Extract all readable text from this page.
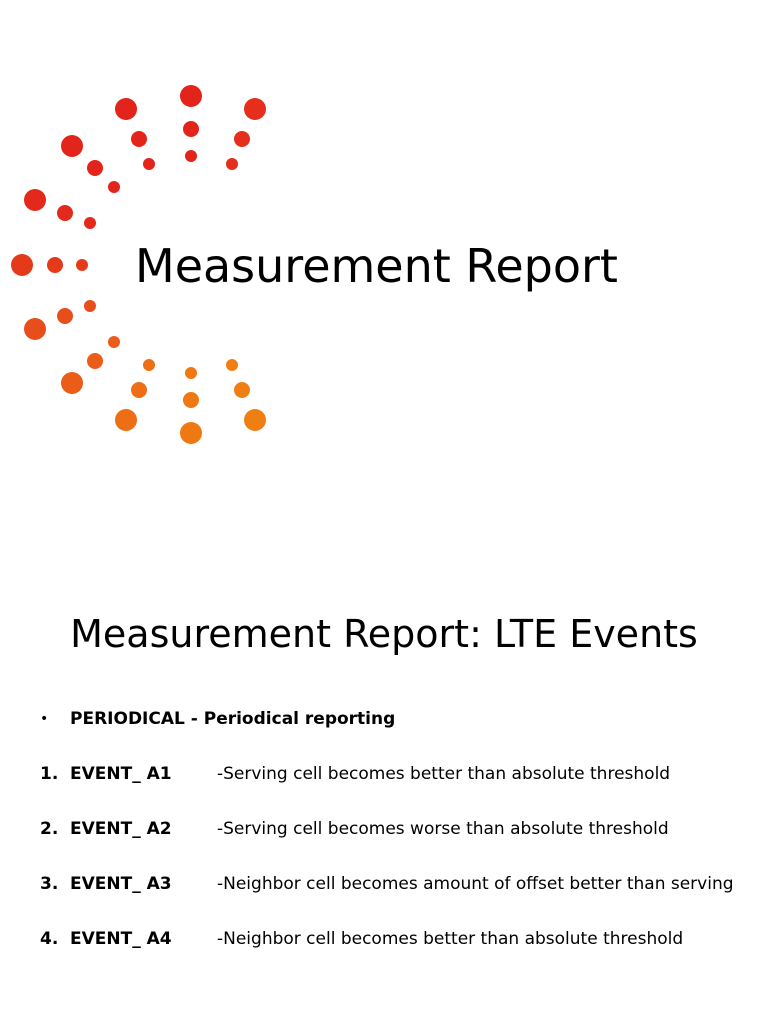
Measurement Report
Measurement Report: LTE Events
• PERIODICAL - Periodical reporting
1. EVENT_ A1	-Serving cell becomes better than absolute threshold
2. EVENT_ A2	-Serving cell becomes worse than absolute threshold
3. EVENT_ A3	-Neighbor cell becomes amount of offset better than serving
4. EVENT_ A4	-Neighbor cell becomes better than absolute threshold
